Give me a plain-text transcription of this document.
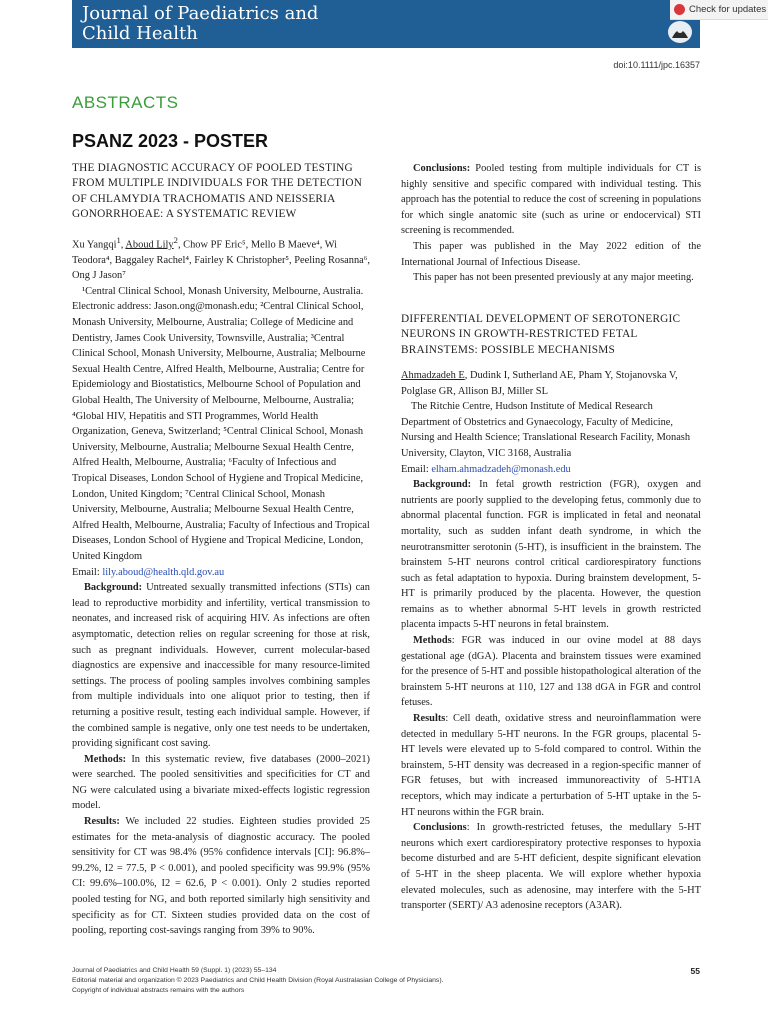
Journal of Paediatrics and
Child Health
Check for updates
doi:10.1111/jpc.16357
ABSTRACTS
PSANZ 2023 - POSTER

THE DIAGNOSTIC ACCURACY OF POOLED TESTING FROM MULTIPLE INDIVIDUALS FOR THE DETECTION OF CHLAMYDIA TRACHOMATIS AND NEISSERIA GONORRHOEAE: A SYSTEMATIC REVIEW

Xu Yangqi$^1$, Aboud Lily$^2$, Chow PF Eric⁵, Mello B Maeve⁴, Wi Teodora⁴, Baggaley Rachel⁴, Fairley K Christopher⁵, Peeling Rosanna⁶, Ong J Jason⁷

¹Central Clinical School, Monash University, Melbourne, Australia. Electronic address: Jason.ong@monash.edu; ²Central Clinical School, Monash University, Melbourne, Australia; College of Medicine and Dentistry, James Cook University, Townsville, Australia; ³Central Clinical School, Monash University, Melbourne, Australia; Melbourne Sexual Health Centre, Alfred Health, Melbourne, Australia; Centre for Epidemiology and Biostatistics, Melbourne School of Population and Global Health, The University of Melbourne, Melbourne, Australia; ⁴Global HIV, Hepatitis and STI Programmes, World Health Organization, Geneva, Switzerland; ⁵Central Clinical School, Monash University, Melbourne, Australia; Melbourne Sexual Health Centre, Alfred Health, Melbourne, Australia; ⁶Faculty of Infectious and Tropical Diseases, London School of Hygiene and Tropical Medicine, London, United Kingdom; ⁷Central Clinical School, Monash University, Melbourne, Australia; Melbourne Sexual Health Centre, Alfred Health, Melbourne, Australia; Faculty of Infectious and Tropical Diseases, London School of Hygiene and Tropical Medicine, London, United Kingdom

Email: lily.aboud@health.qld.gov.au

Background: Untreated sexually transmitted infections (STIs) can lead to reproductive morbidity and infertility, vertical transmission to neonates, and increased risk of acquiring HIV. As infections are often asymptomatic, detection relies on regular screening for those at risk, such as pregnant individuals. However, current molecular-based diagnostics are expensive and inaccessible for many resource-limited settings. The process of pooling samples involves combining samples from multiple individuals into one aliquot prior to testing, then if returning a positive result, testing each individual sample. However, if the combined sample is negative, only one test needs to be undertaken, providing significant cost saving.

Methods: In this systematic review, five databases (2000–2021) were searched. The pooled sensitivities and specificities for CT and NG were calculated using a bivariate mixed-effects logistic regression model.

Results: We included 22 studies. Eighteen studies provided 25 estimates for the meta-analysis of diagnostic accuracy. The pooled sensitivity for CT was 98.4% (95% confidence intervals [CI]: 96.8%–99.2%, I2 = 77.5, P < 0.001), and pooled specificity was 99.9% (95% CI: 99.6%–100.0%, I2 = 62.6, P < 0.001). Only 2 studies reported pooled testing for NG, and both reported similarly high sensitivity and specificity as for CT. Sixteen studies provided data on the cost of pooling, reporting cost-savings ranging from 39% to 90%.

Conclusions: Pooled testing from multiple individuals for CT is highly sensitive and specific compared with individual testing. This approach has the potential to reduce the cost of screening in populations for which single anatomic site (such as urine or endocervical) STI screening is recommended.

This paper was published in the May 2022 edition of the International Journal of Infectious Disease.

This paper has not been presented previously at any major meeting.

DIFFERENTIAL DEVELOPMENT OF SEROTONERGIC NEURONS IN GROWTH-RESTRICTED FETAL BRAINSTEMS: POSSIBLE MECHANISMS

Ahmadzadeh E, Dudink I, Sutherland AE, Pham Y, Stojanovska V, Polglase GR, Allison BJ, Miller SL

The Ritchie Centre, Hudson Institute of Medical Research Department of Obstetrics and Gynaecology, Faculty of Medicine, Nursing and Health Science; Translational Research Facility, Monash University, Clayton, VIC 3168, Australia

Email: elham.ahmadzadeh@monash.edu

Background: In fetal growth restriction (FGR), oxygen and nutrients are poorly supplied to the developing fetus, commonly due to abnormal placental function. FGR is implicated in fetal and neonatal mortality, such as sudden infant death syndrome, in which the neurotransmitter serotonin (5-HT), is insufficient in the brainstem. The brainstem 5-HT neurons control critical cardiorespiratory functions such as fetal adaptation to hypoxia. During brainstem development, 5-HT is primarily produced by the placenta. However, the question remains as to whether abnormal 5-HT levels in growth restricted placenta impacts 5-HT neurons in fetal brainstem.

Methods: FGR was induced in our ovine model at 88 days gestational age (dGA). Placenta and brainstem tissues were examined for the presence of 5-HT and possible histopathological alteration of the brainstem 5-HT neurons at 110, 127 and 138 dGA in FGR and control fetuses.

Results: Cell death, oxidative stress and neuroinflammation were detected in medullary 5-HT neurons. In the FGR groups, placental 5-HT levels were elevated up to 5-fold compared to control. Within the brainstem, 5-HT density was decreased in a region-specific manner of FGR fetuses, but with increased immunoreactivity of 5-HT1A receptors, which may indicate a perturbation of 5-HT uptake in the 5-HT neurons within the FGR brain.

Conclusions: In growth-restricted fetuses, the medullary 5-HT neurons which exert cardiorespiratory protective responses to hypoxia become disturbed and are 5-HT deficient, despite significant elevation of 5-HT in the sheep placenta. We will explore whether hypoxia elevated molecules, such as adenosine, may interfere with the 5-HT transporter (SERT)/ A3 adenosine receptors (A3AR).

Journal of Paediatrics and Child Health 59 (Suppl. 1) (2023) 55–134
Editorial material and organization © 2023 Paediatrics and Child Health Division (Royal Australasian College of Physicians).
Copyright of individual abstracts remains with the authors
55
